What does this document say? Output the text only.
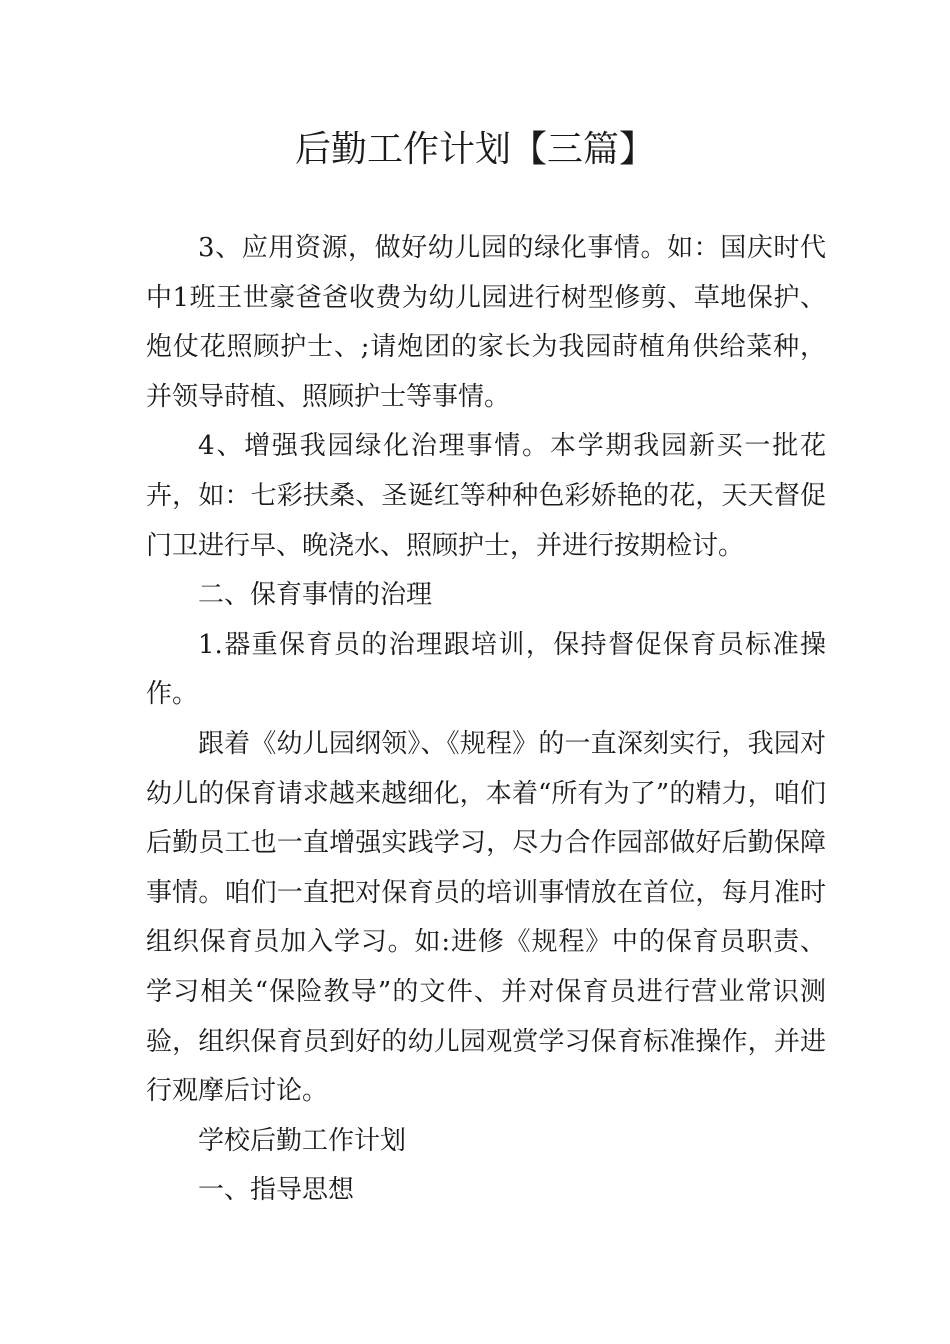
后勤工作计划【三篇】

3、应用资源，做好幼儿园的绿化事情。如：国庆时代中1班王世豪爸爸收费为幼儿园进行树型修剪、草地保护、炮仗花照顾护士、;请炮团的家长为我园莳植角供给菜种，并领导莳植、照顾护士等事情。

4、增强我园绿化治理事情。本学期我园新买一批花卉，如：七彩扶桑、圣诞红等种种色彩娇艳的花，天天督促门卫进行早、晚浇水、照顾护士，并进行按期检讨。

二、保育事情的治理

1.器重保育员的治理跟培训，保持督促保育员标准操作。

跟着《幼儿园纲领》、《规程》的一直深刻实行，我园对幼儿的保育请求越来越细化，本着“所有为了”的精力，咱们后勤员工也一直增强实践学习，尽力合作园部做好后勤保障事情。咱们一直把对保育员的培训事情放在首位，每月准时组织保育员加入学习。如:进修《规程》中的保育员职责、学习相关“保险教导”的文件、并对保育员进行营业常识测验，组织保育员到好的幼儿园观赏学习保育标准操作，并进行观摩后讨论。

学校后勤工作计划

一、指导思想
